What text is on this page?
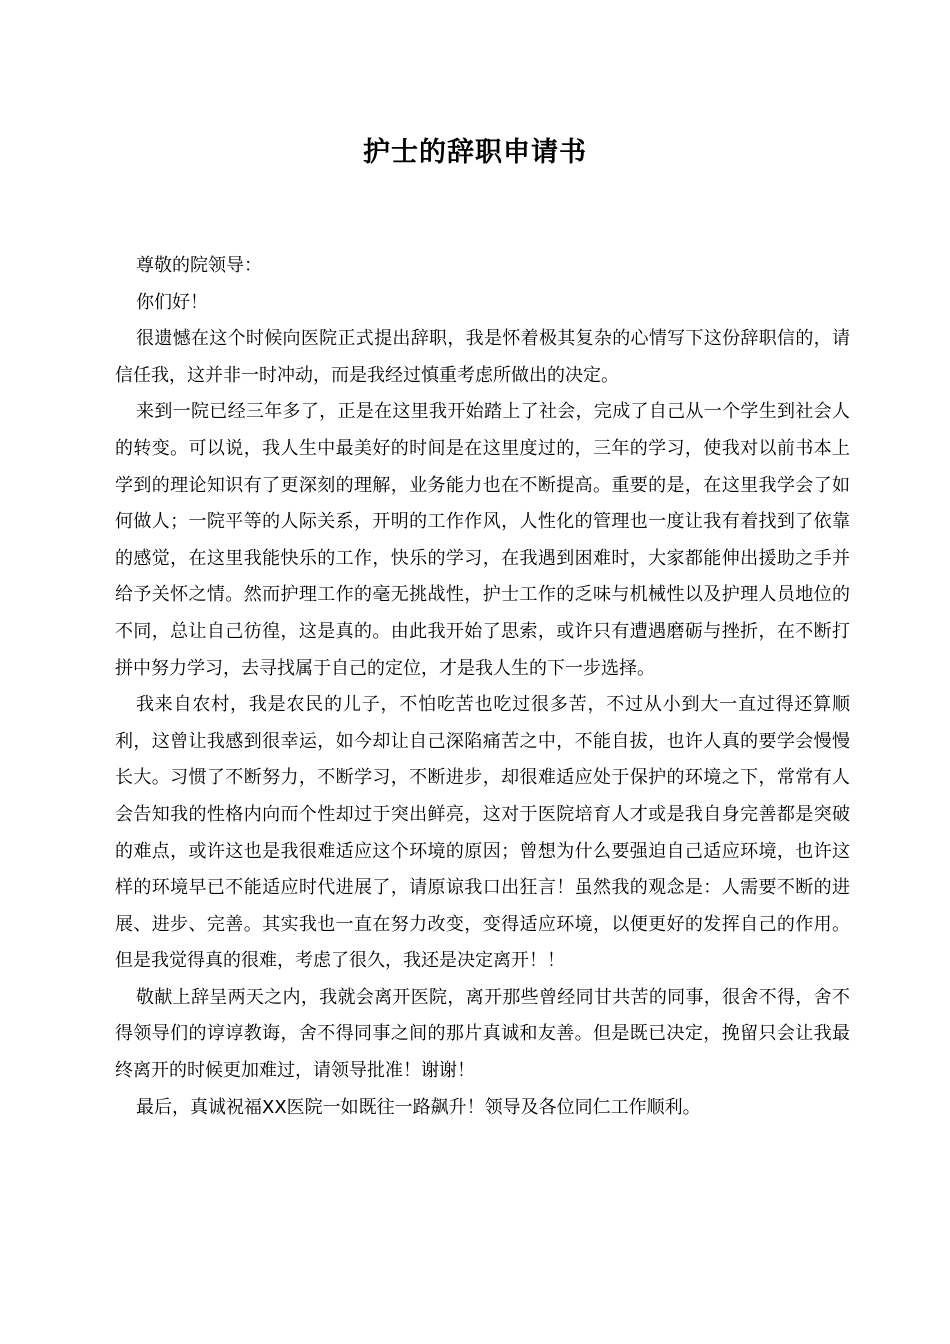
护士的辞职申请书

尊敬的院领导：

你们好！

很遗憾在这个时候向医院正式提出辞职，我是怀着极其复杂的心情写下这份辞职信的，请信任我，这并非一时冲动，而是我经过慎重考虑所做出的决定。

来到一院已经三年多了，正是在这里我开始踏上了社会，完成了自己从一个学生到社会人的转变。可以说，我人生中最美好的时间是在这里度过的，三年的学习，使我对以前书本上学到的理论知识有了更深刻的理解，业务能力也在不断提高。重要的是，在这里我学会了如何做人；一院平等的人际关系，开明的工作作风，人性化的管理也一度让我有着找到了依靠的感觉，在这里我能快乐的工作，快乐的学习，在我遇到困难时，大家都能伸出援助之手并给予关怀之情。然而护理工作的毫无挑战性，护士工作的乏味与机械性以及护理人员地位的不同，总让自己彷徨，这是真的。由此我开始了思索，或许只有遭遇磨砺与挫折，在不断打拼中努力学习，去寻找属于自己的定位，才是我人生的下一步选择。

我来自农村，我是农民的儿子，不怕吃苦也吃过很多苦，不过从小到大一直过得还算顺利，这曾让我感到很幸运，如今却让自己深陷痛苦之中，不能自拔，也许人真的要学会慢慢长大。习惯了不断努力，不断学习，不断进步，却很难适应处于保护的环境之下，常常有人会告知我的性格内向而个性却过于突出鲜亮，这对于医院培育人才或是我自身完善都是突破的难点，或许这也是我很难适应这个环境的原因；曾想为什么要强迫自己适应环境，也许这样的环境早已不能适应时代进展了，请原谅我口出狂言！虽然我的观念是：人需要不断的进展、进步、完善。其实我也一直在努力改变，变得适应环境，以便更好的发挥自己的作用。但是我觉得真的很难，考虑了很久，我还是决定离开！！

敬献上辞呈两天之内，我就会离开医院，离开那些曾经同甘共苦的同事，很舍不得，舍不得领导们的谆谆教诲，舍不得同事之间的那片真诚和友善。但是既已决定，挽留只会让我最终离开的时候更加难过，请领导批准！谢谢！

最后，真诚祝福XX医院一如既往一路飙升！领导及各位同仁工作顺利。
